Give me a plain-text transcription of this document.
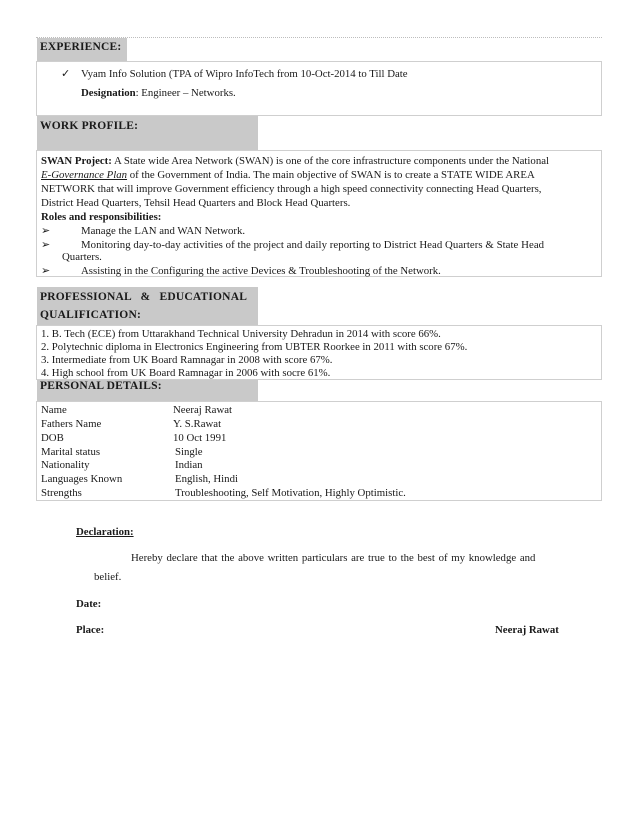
EXPERIENCE:
✓ Vyam Info Solution (TPA of Wipro InfoTech from 10-Oct-2014 to Till Date
Designation: Engineer – Networks.
WORK PROFILE:
SWAN Project: A State wide Area Network (SWAN) is one of the core infrastructure components under the National
E-Governance Plan of the Government of India. The main objective of SWAN is to create a STATE WIDE AREA
NETWORK that will improve Government efficiency through a high speed connectivity connecting Head Quarters,
District Head Quarters, Tehsil Head Quarters and Block Head Quarters.
Roles and responsibilities:
➢	Manage the LAN and WAN Network.
➢	Monitoring day-to-day activities of the project and daily reporting to District Head Quarters & State Head
Quarters.
➢	Assisting in the Configuring the active Devices & Troubleshooting of the Network.
PROFESSIONAL   &   EDUCATIONAL
QUALIFICATION:
1. B. Tech (ECE) from Uttarakhand Technical University Dehradun in 2014 with score 66%.
2. Polytechnic diploma in Electronics Engineering from UBTER Roorkee in 2011 with score 67%.
3. Intermediate from UK Board Ramnagar in 2008 with score 67%.
4. High school from UK Board Ramnagar in 2006 with socre 61%.
PERSONAL DETAILS:
Name	Neeraj Rawat
Fathers Name	Y. S.Rawat
DOB	10 Oct 1991
Marital status	Single
Nationality	Indian
Languages Known	English, Hindi
Strengths	Troubleshooting, Self Motivation, Highly Optimistic.
Declaration:
Hereby declare that the above written particulars are true to the best of my knowledge and
belief.
Date:
Place:	Neeraj Rawat
